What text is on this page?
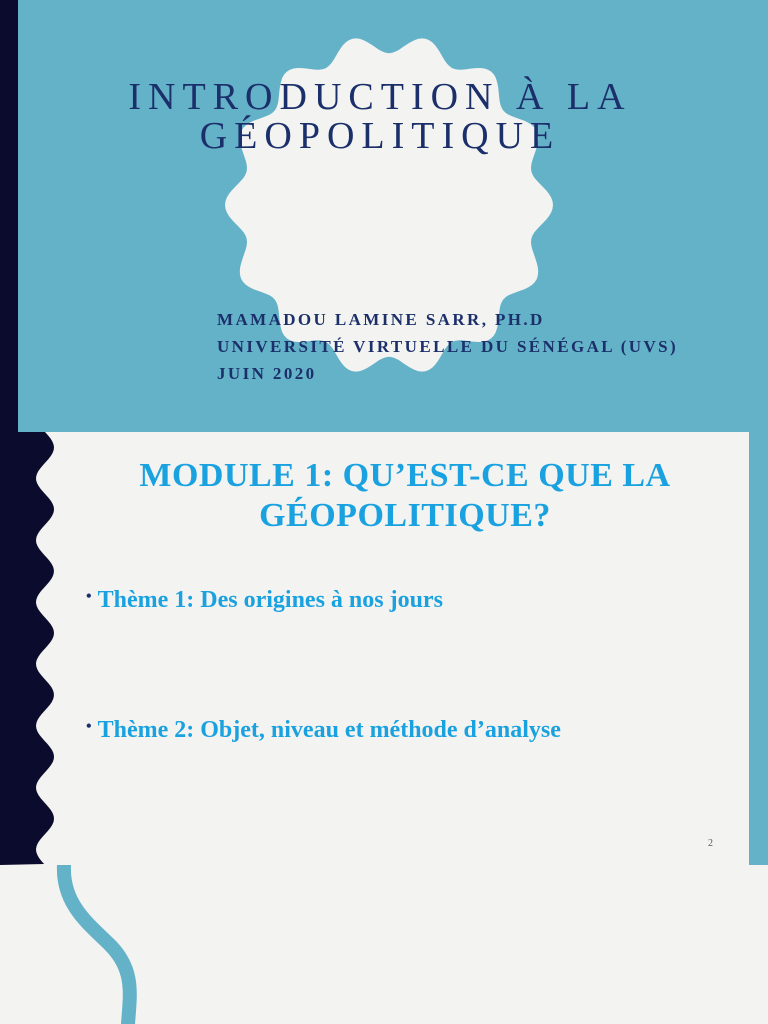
INTRODUCTION À LA
GÉOPOLITIQUE
MAMADOU LAMINE SARR, PH.D
UNIVERSITÉ VIRTUELLE DU SÉNÉGAL (UVS)
JUIN 2020
MODULE 1: QU’EST-CE QUE LA
GÉOPOLITIQUE?
• Thème 1: Des origines à nos jours
• Thème 2: Objet, niveau et méthode d’analyse
2
